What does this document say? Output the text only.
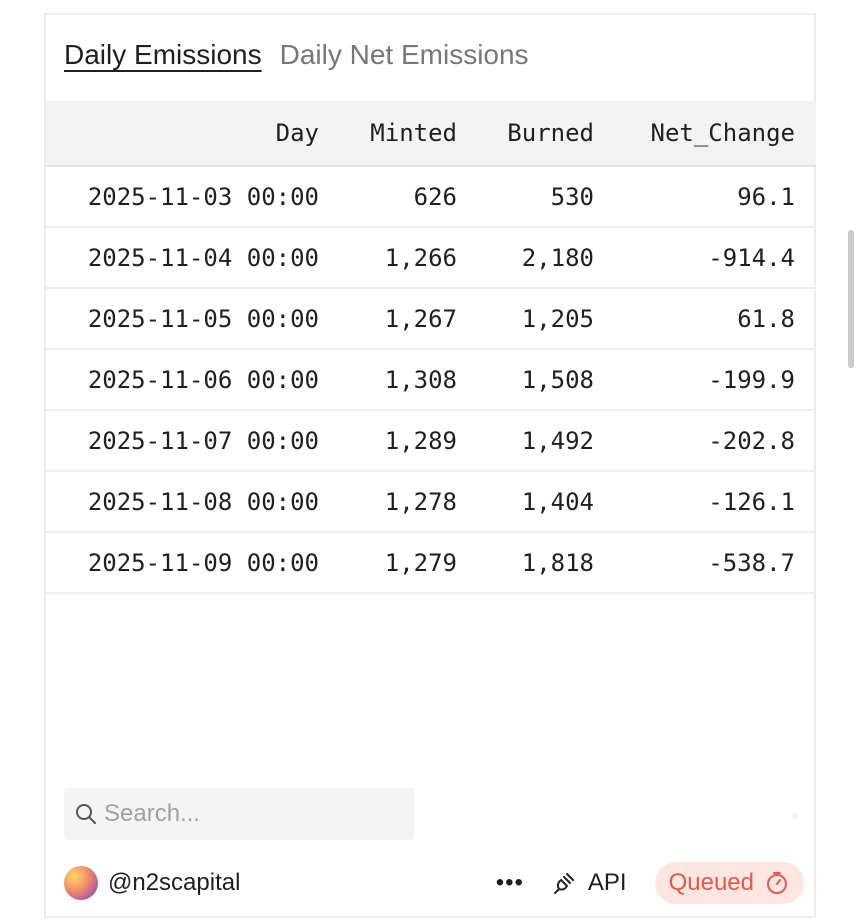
Daily Emissions Daily Net Emissions
Day	Minted	Burned	Net_Change
2025-11-03 00:00	626	530	96.1
2025-11-04 00:00	1,266	2,180	-914.4
2025-11-05 00:00	1,267	1,205	61.8
2025-11-06 00:00	1,308	1,508	-199.9
2025-11-07 00:00	1,289	1,492	-202.8
2025-11-08 00:00	1,278	1,404	-126.1
2025-11-09 00:00	1,279	1,818	-538.7
Search...
@n2scapital	•••	API Queued
